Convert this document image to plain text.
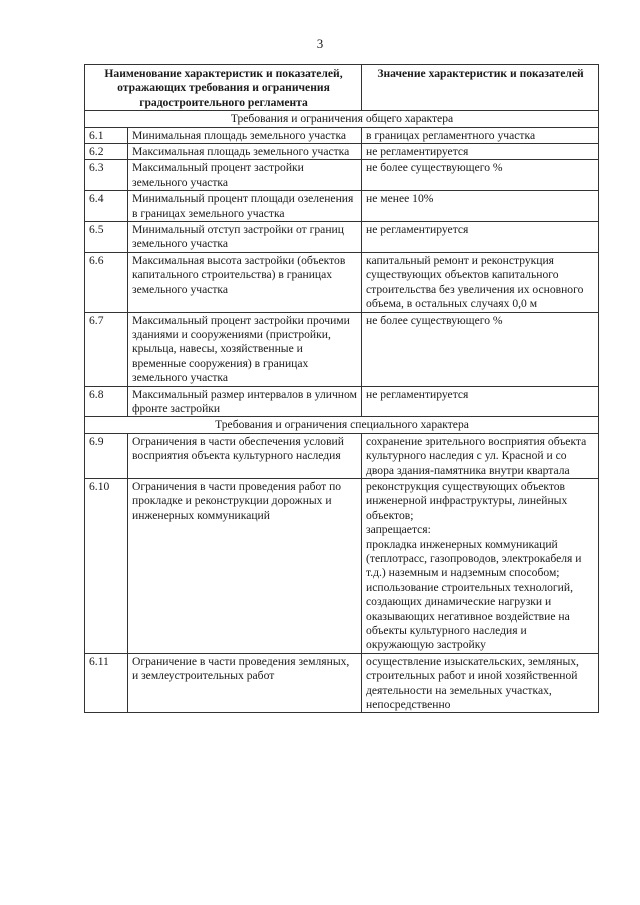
3
Наименование характеристик и показателей, отражающих требования и ограничения градостроительного регламента		Значение характеристик и показателей
Требования и ограничения общего характера		
6.1	Минимальная площадь земельного участка	в границах регламентного участка
6.2	Максимальная площадь земельного участка	не регламентируется
6.3	Максимальный процент застройки земельного участка	не более существующего %
6.4	Минимальный процент площади озеленения в границах земельного участка	не менее 10%
6.5	Минимальный отступ застройки от границ земельного участка	не регламентируется
6.6	Максимальная высота застройки (объектов капитального строительства) в границах земельного участка	капитальный ремонт и реконструкция существующих объектов капитального строительства без увеличения их основного объема, в остальных случаях 0,0 м
6.7	Максимальный процент застройки прочими зданиями и сооружениями (пристройки, крыльца, навесы, хозяйственные и временные сооружения) в границах земельного участка	не более существующего %
6.8	Максимальный размер интервалов в уличном фронте застройки	не регламентируется
Требования и ограничения специального характера		
6.9	Ограничения в части обеспечения условий восприятия объекта культурного наследия	сохранение зрительного восприятия объекта культурного наследия с ул. Красной и со двора здания-памятника внутри квартала
6.10	Ограничения в части проведения работ по прокладке и реконструкции дорожных и инженерных коммуникаций	реконструкция существующих объектов инженерной инфраструктуры, линейных объектов;
запрещается:
прокладка инженерных коммуникаций (теплотрасс, газопроводов, электрокабеля и т.д.) наземным и надземным способом;
использование строительных технологий, создающих динамические нагрузки и оказывающих негативное воздействие на объекты культурного наследия и окружающую застройку
6.11	Ограничение в части проведения земляных, и землеустроительных работ	осуществление изыскательских, земляных, строительных работ и иной хозяйственной деятельности на земельных участках, непосредственно
